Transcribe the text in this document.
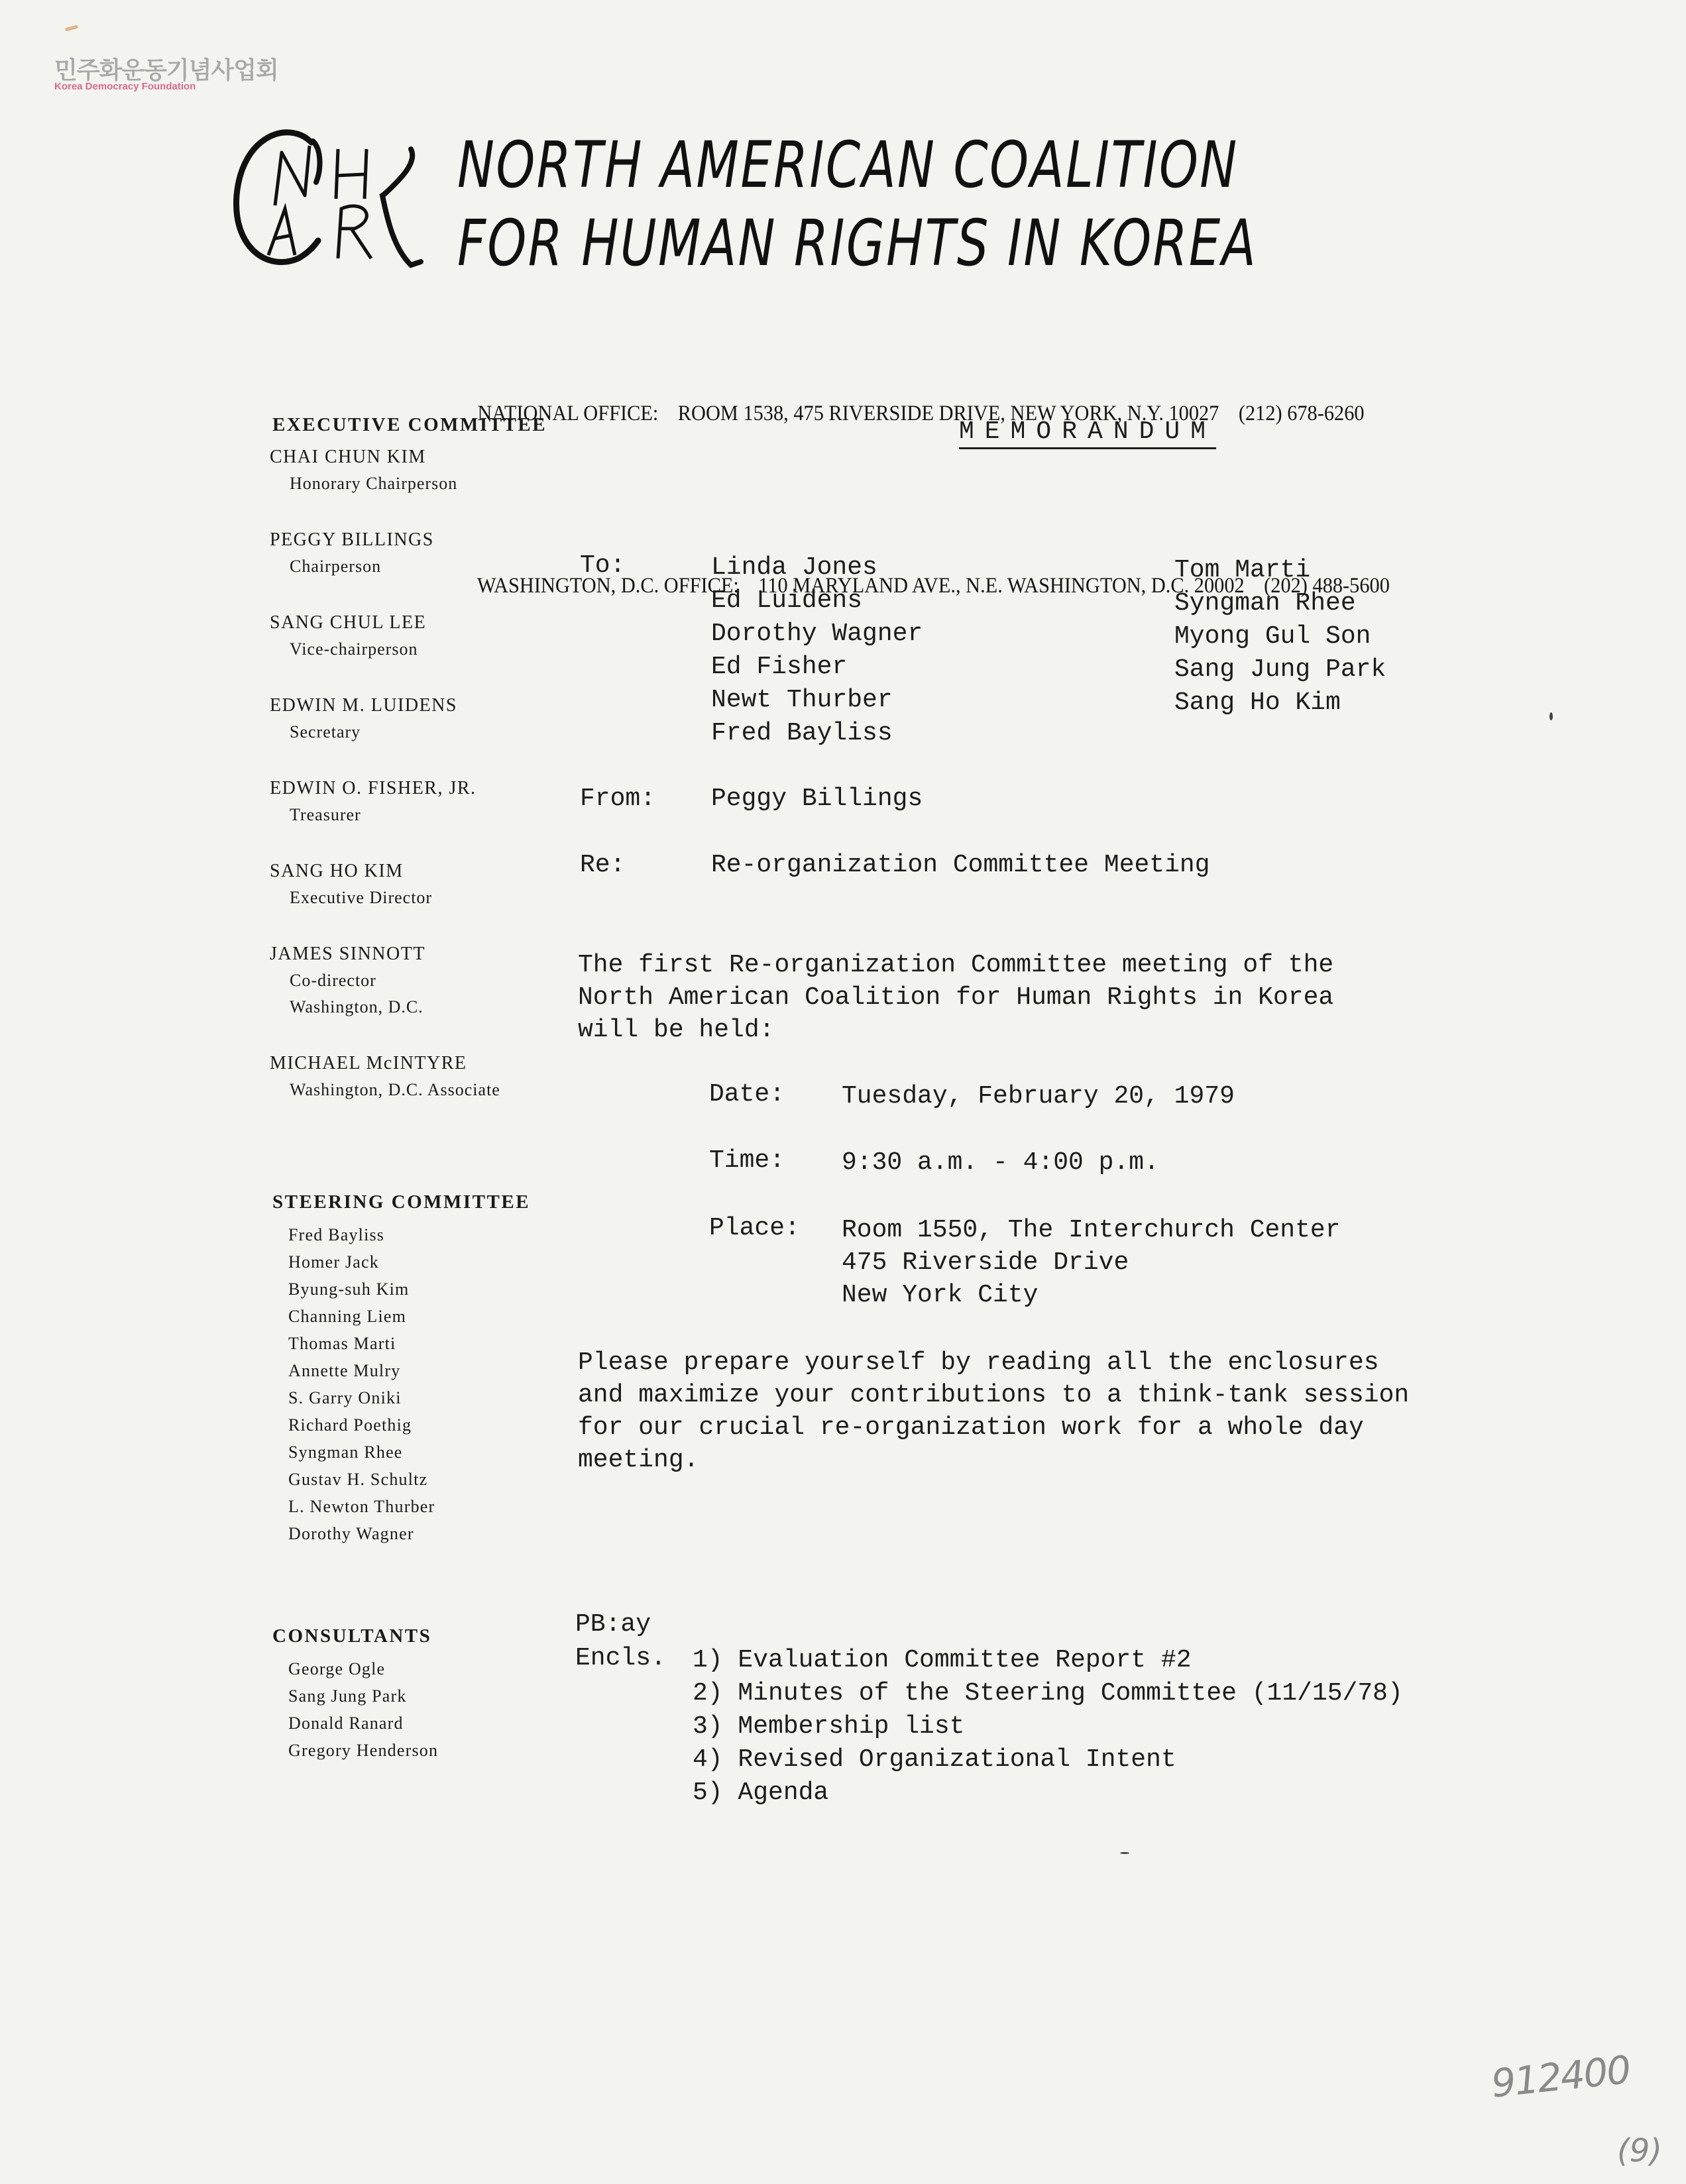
민주화운동기념사업회
Korea Democracy Foundation
NORTH AMERICAN COALITION
FOR HUMAN RIGHTS IN KOREA

NATIONAL OFFICE: ROOM 1538, 475 RIVERSIDE DRIVE, NEW YORK, N.Y. 10027 (212) 678-6260

WASHINGTON, D.C. OFFICE: 110 MARYLAND AVE., N.E. WASHINGTON, D.C. 20002 (202) 488-5600

EXECUTIVE COMMITTEE
CHAI CHUN KIM
Honorary Chairperson
PEGGY BILLINGS
Chairperson
SANG CHUL LEE
Vice-chairperson
EDWIN M. LUIDENS
Secretary
EDWIN O. FISHER, JR.
Treasurer
SANG HO KIM
Executive Director
JAMES SINNOTT
Co-director
Washington, D.C.
MICHAEL McINTYRE
Washington, D.C. Associate
STEERING COMMITTEE
Fred Bayliss
Homer Jack
Byung-suh Kim
Channing Liem
Thomas Marti
Annette Mulry
S. Garry Oniki
Richard Poethig
Syngman Rhee
Gustav H. Schultz
L. Newton Thurber
Dorothy Wagner
CONSULTANTS
George Ogle
Sang Jung Park
Donald Ranard
Gregory Henderson
MEMORANDUM
To:	Linda Jones
Ed Luidens
Dorothy Wagner
Ed Fisher
Newt Thurber
Fred Bayliss
Tom Marti
Syngman Rhee
Myong Gul Son
Sang Jung Park
Sang Ho Kim
From: Peggy Billings
Re:	Re-organization Committee Meeting
The first Re-organization Committee meeting of the
North American Coalition for Human Rights in Korea
will be held:
Date: Tuesday, February 20, 1979
Time: 9:30 a.m. - 4:00 p.m.
Place: Room 1550, The Interchurch Center
475 Riverside Drive
New York City
Please prepare yourself by reading all the enclosures
and maximize your contributions to a think-tank session
for our crucial re-organization work for a whole day
meeting.
PB:ay
Encls. 1) Evaluation Committee Report #2
2) Minutes of the Steering Committee (11/15/78)
3) Membership list
4) Revised Organizational Intent
5) Agenda
912400
(9)
